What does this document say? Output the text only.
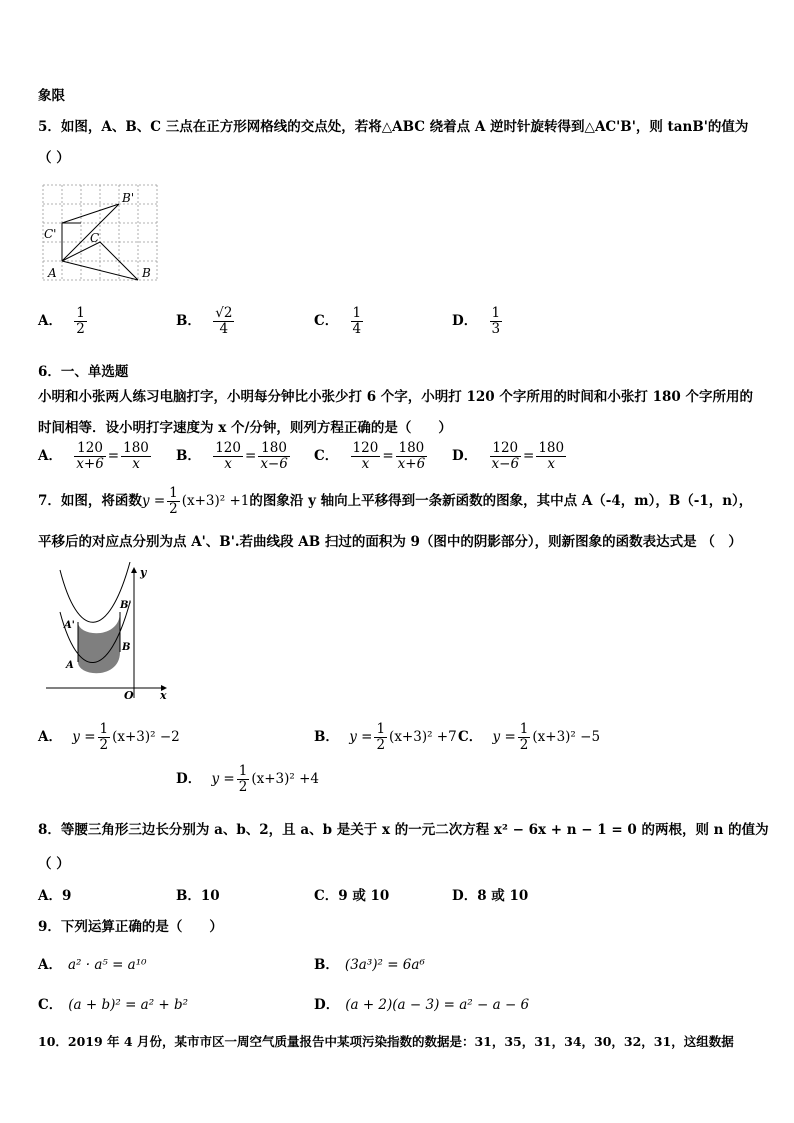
象限
5．如图，A、B、C 三点在正方形网格线的交点处，若将△ABC 绕着点 A 逆时针旋转得到△AC'B'，则 tanB'的值为
（ ）
A	B
C
C'
B'
A． $\frac{1}{2}$	B． $\frac{√2}{4}$	C． $\frac{1}{4}$	D． $\frac{1}{3}$
6．一、单选题
小明和小张两人练习电脑打字，小明每分钟比小张少打 6 个字，小明打 120 个字所用的时间和小张打 180 个字所用的
时间相等．设小明打字速度为 x 个/分钟，则列方程正确的是（　　）
A． $\frac{120}{x+6} = \frac{180}{x}$ B． $\frac{120}{x} = \frac{180}{x-6}$ C． $\frac{120}{x} = \frac{180}{x+6}$ D． $\frac{120}{x-6} = \frac{180}{x}$
7．如图，将函数$y = \frac{1}{2} (x+3)^2 +1$的图象沿 y 轴向上平移得到一条新函数的图象，其中点 A（-4，m），B（-1，n），
平移后的对应点分别为点 A'、B'.若曲线段 AB 扫过的面积为 9（图中的阴影部分），则新图象的函数表达式是 （　）
y
x
O
A
B
A'
B'
A． $y = \frac{1}{2} (x+3)^2 -2$	B． $y = \frac{1}{2} (x+3)^2 +7$ C． $y = \frac{1}{2} (x+3)^2 -5$
D． $y = \frac{1}{2} (x+3)^2 +4$
8．等腰三角形三边长分别为 a、b、2，且 a、b 是关于 x 的一元二次方程 x² − 6x + n − 1 = 0 的两根，则 n 的值为
（ ）
A．9	B．10	C．9 或 10	D．8 或 10
9．下列运算正确的是（　　）
A． a² · a⁵ = a¹⁰	B． (3a³)² = 6a⁶
C． (a + b)² = a² + b²	D． (a + 2)(a − 3) = a² − a − 6
10．2019 年 4 月份，某市市区一周空气质量报告中某项污染指数的数据是：31，35，31，34，30，32，31，这组数据
